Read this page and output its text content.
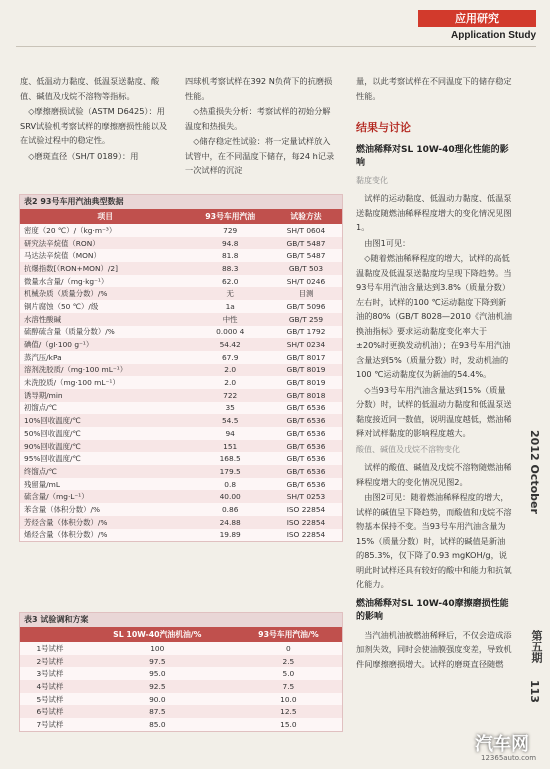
应用研究
Application Study

度、低温动力黏度、低温泵送黏度、酸值、碱值及戊烷不溶物等指标。

◇摩擦磨损试验（ASTM D6425）：用SRV试验机考察试样的摩擦磨损性能以及在试验过程中的稳定性。

◇磨斑直径（SH/T 0189）：用

四球机考察试样在392 N负荷下的抗磨损性能。

◇热重损失分析：考察试样的初始分解温度和热损失。

◇储存稳定性试验：将一定量试样放入试管中，在不同温度下储存，每24 h记录一次试样的沉淀

量，以此考察试样在不同温度下的储存稳定性能。

结果与讨论
燃油稀释对SL 10W-40理化性能的影响
黏度变化

试样的运动黏度、低温动力黏度、低温泵送黏度随燃油稀释程度增大的变化情况见图1。

由图1可见：

◇随着燃油稀释程度的增大，试样的高低温黏度及低温泵送黏度均呈现下降趋势。当93号车用汽油含量达到3.8%（质量分数）左右时，试样的100 ℃运动黏度下降到新油的80%（GB/T 8028—2010《汽油机油换油指标》要求运动黏度变化率大于±20%时更换发动机油）；在93号车用汽油含量达到5%（质量分数）时，发动机油的100 ℃运动黏度仅为新油的54.4%。

◇当93号车用汽油含量达到15%（质量分数）时，试样的低温动力黏度和低温泵送黏度接近同一数值，说明温度越低，燃油稀释对试样黏度的影响程度越大。

酸值、碱值及戊烷不溶物变化

试样的酸值、碱值及戊烷不溶物随燃油稀释程度增大的变化情况见图2。

由图2可见：随着燃油稀释程度的增大，试样的碱值呈下降趋势，而酸值和戊烷不溶物基本保持不变。当93号车用汽油含量为15%（质量分数）时，试样的碱值是新油的85.3%，仅下降了0.93 mgKOH/g，说明此时试样还具有较好的酸中和能力和抗氧化能力。

燃油稀释对SL 10W-40摩擦磨损性能的影响

当汽油机油被燃油稀释后，不仅会造成添加剂失效，同时会使油膜强度变差，导致机件间摩擦磨损增大。试样的磨斑直径随燃

表2 93号车用汽油典型数据
项目	93号车用汽油	试验方法
密度（20 ℃）/（kg·m⁻³）	729	SH/T 0604
研究法辛烷值（RON）	94.8	GB/T 5487
马达法辛烷值（MON）	81.8	GB/T 5487
抗爆指数[（RON+MON）/2]	88.3	GB/T 503
微量水含量/（mg·kg⁻¹）	62.0	SH/T 0246
机械杂质（质量分数）/%	无	目测
铜片腐蚀（50 ℃）/级	1a	GB/T 5096
水溶性酸碱	中性	GB/T 259
硫醇硫含量（质量分数）/%	0.000 4	GB/T 1792
碘值/（gI·100 g⁻¹）	54.42	SH/T 0234
蒸汽压/kPa	67.9	GB/T 8017
溶剂洗胶质/（mg·100 mL⁻¹）	2.0	GB/T 8019
未洗胶质/（mg·100 mL⁻¹）	2.0	GB/T 8019
诱导期/min	722	GB/T 8018
初馏点/℃	35	GB/T 6536
10%回收温度/℃	54.5	GB/T 6536
50%回收温度/℃	94	GB/T 6536
90%回收温度/℃	151	GB/T 6536
95%回收温度/℃	168.5	GB/T 6536
终馏点/℃	179.5	GB/T 6536
残留量/mL	0.8	GB/T 6536
硫含量/（mg·L⁻¹）	40.00	SH/T 0253
苯含量（体积分数）/%	0.86	ISO 22854
芳烃含量（体积分数）/%	24.88	ISO 22854
烯烃含量（体积分数）/%	19.89	ISO 22854
表3 试验调和方案
	SL 10W-40汽油机油/%	93号车用汽油/%
1号试样	100	0
2号试样	97.5	2.5
3号试样	95.0	5.0
4号试样	92.5	7.5
5号试样	90.0	10.0
6号试样	87.5	12.5
7号试样	85.0	15.0
2012 October
第五期
113
汽车网
12365auto.com
